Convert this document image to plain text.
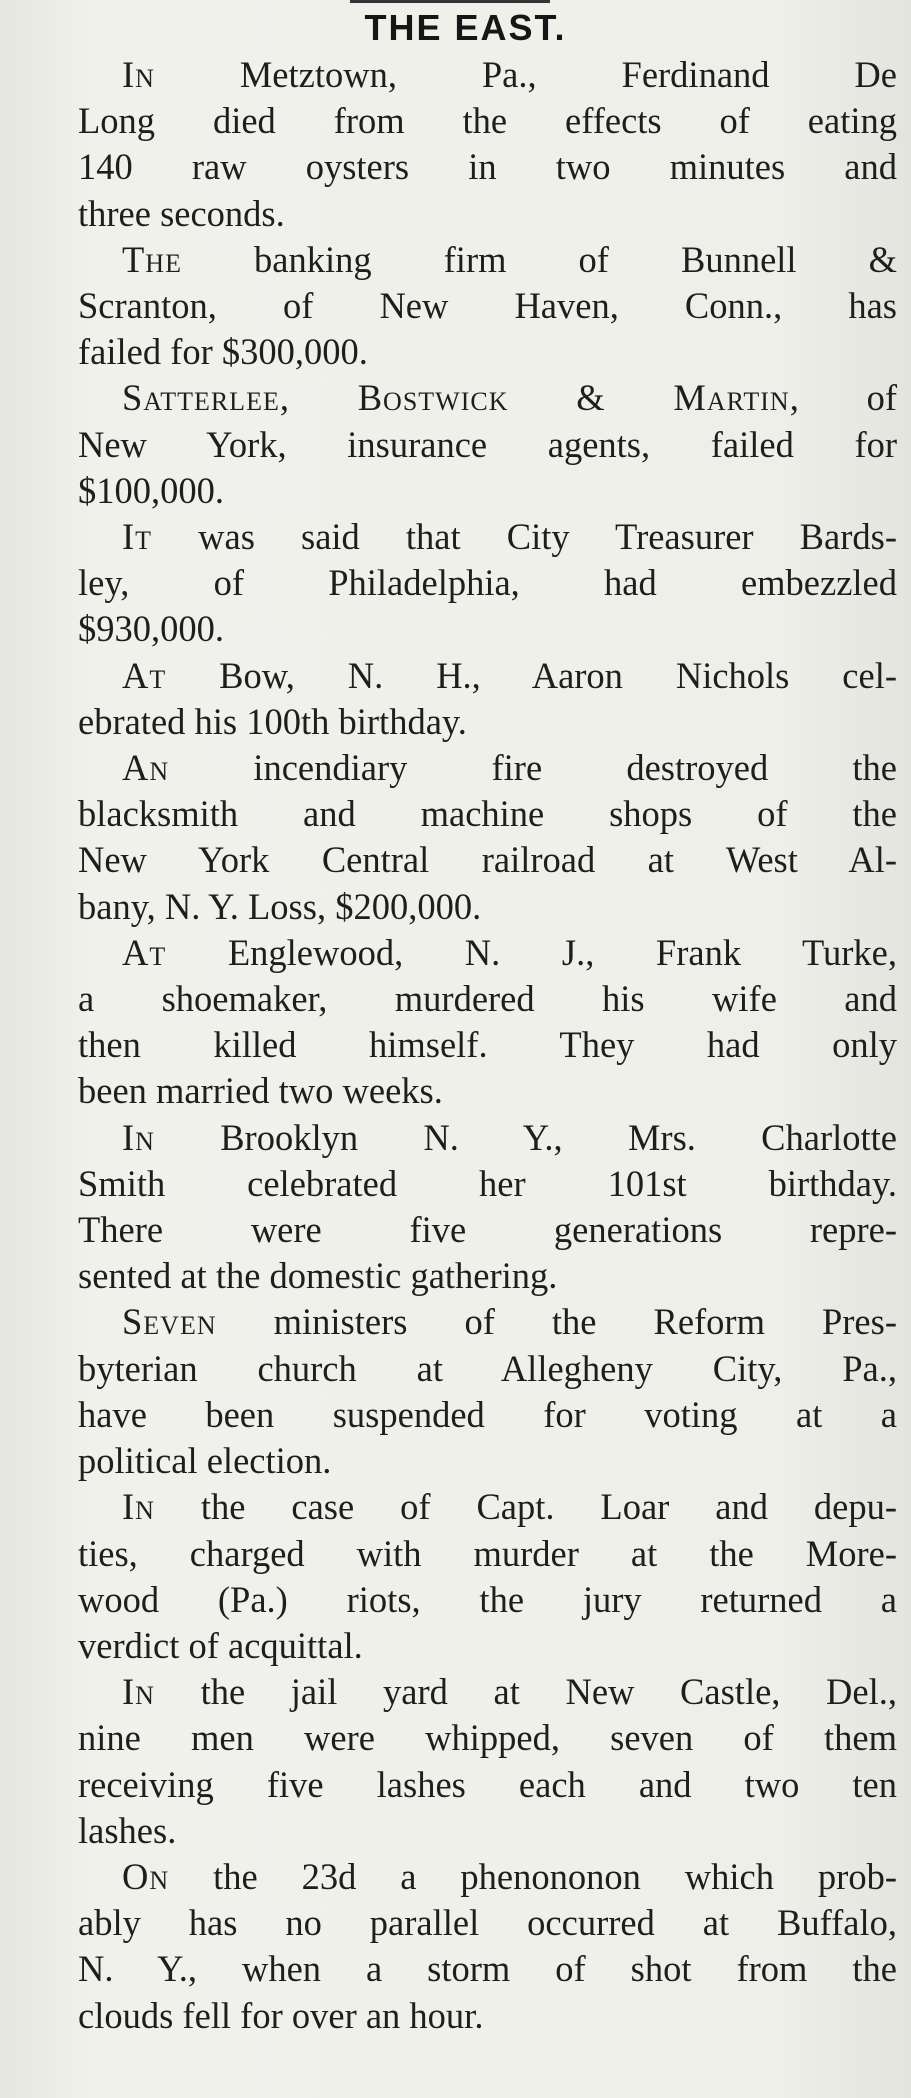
THE EAST.
In Metztown, Pa., Ferdinand De
Long died from the effects of eating
140 raw oysters in two minutes and
three seconds.
The banking firm of Bunnell &
Scranton, of New Haven, Conn., has
failed for $300,000.
Satterlee, Bostwick & Martin, of
New York, insurance agents, failed for
$100,000.
It was said that City Treasurer Bards-
ley, of Philadelphia, had embezzled
$930,000.
At Bow, N. H., Aaron Nichols cel-
ebrated his 100th birthday.
An incendiary fire destroyed the
blacksmith and machine shops of the
New York Central railroad at West Al-
bany, N. Y. Loss, $200,000.
At Englewood, N. J., Frank Turke,
a shoemaker, murdered his wife and
then killed himself. They had only
been married two weeks.
In Brooklyn N. Y., Mrs. Charlotte
Smith celebrated her 101st birthday.
There were five generations repre-
sented at the domestic gathering.
Seven ministers of the Reform Pres-
byterian church at Allegheny City, Pa.,
have been suspended for voting at a
political election.
In the case of Capt. Loar and depu-
ties, charged with murder at the More-
wood (Pa.) riots, the jury returned a
verdict of acquittal.
In the jail yard at New Castle, Del.,
nine men were whipped, seven of them
receiving five lashes each and two ten
lashes.
On the 23d a phenononon which prob-
ably has no parallel occurred at Buffalo,
N. Y., when a storm of shot from the
clouds fell for over an hour.
